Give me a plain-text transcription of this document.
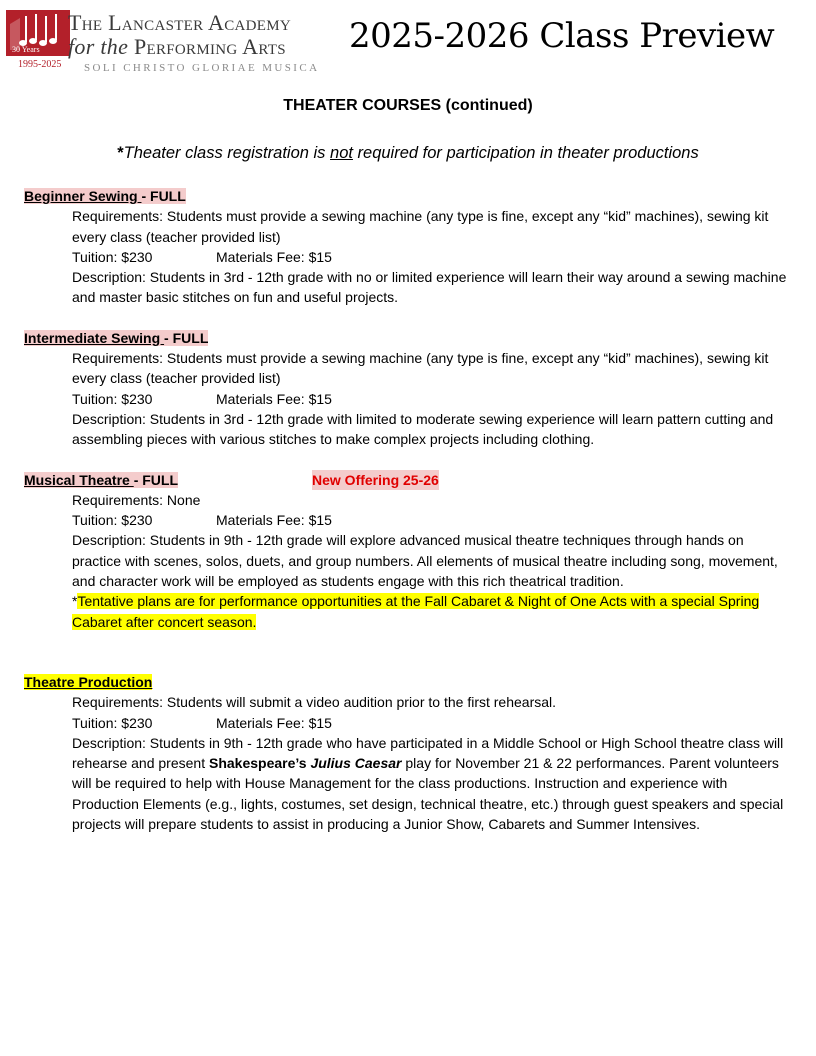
30 Years
1995-2025
The Lancaster Academy
for the Performing Arts
SOLI CHRISTO GLORIAE MUSICA
2025-2026 Class Preview
THEATER COURSES (continued)
*Theater class registration is not required for participation in theater productions
Beginner Sewing - FULL
Requirements: Students must provide a sewing machine (any type is fine, except any “kid” machines), sewing kit every class (teacher provided list)
Tuition: $230	Materials Fee: $15
Description: Students in 3rd - 12th grade with no or limited experience will learn their way around a sewing machine and master basic stitches on fun and useful projects.
Intermediate Sewing - FULL
Requirements: Students must provide a sewing machine (any type is fine, except any “kid” machines), sewing kit every class (teacher provided list)
Tuition: $230	Materials Fee: $15
Description: Students in 3rd - 12th grade with limited to moderate sewing experience will learn pattern cutting and assembling pieces with various stitches to make complex projects including clothing.
Musical Theatre - FULL	New Offering 25-26
Requirements: None
Tuition: $230	Materials Fee: $15
Description: Students in 9th - 12th grade will explore advanced musical theatre techniques through hands on practice with scenes, solos, duets, and group numbers. All elements of musical theatre including song, movement, and character work will be employed as students engage with this rich theatrical tradition.
*Tentative plans are for performance opportunities at the Fall Cabaret & Night of One Acts with a special Spring Cabaret after concert season.
Theatre Production
Requirements: Students will submit a video audition prior to the first rehearsal.
Tuition: $230	Materials Fee: $15
Description: Students in 9th - 12th grade who have participated in a Middle School or High School theatre class will rehearse and present Shakespeare’s Julius Caesar play for November 21 & 22 performances. Parent volunteers will be required to help with House Management for the class productions. Instruction and experience with Production Elements (e.g., lights, costumes, set design, technical theatre, etc.) through guest speakers and special projects will prepare students to assist in producing a Junior Show, Cabarets and Summer Intensives.
